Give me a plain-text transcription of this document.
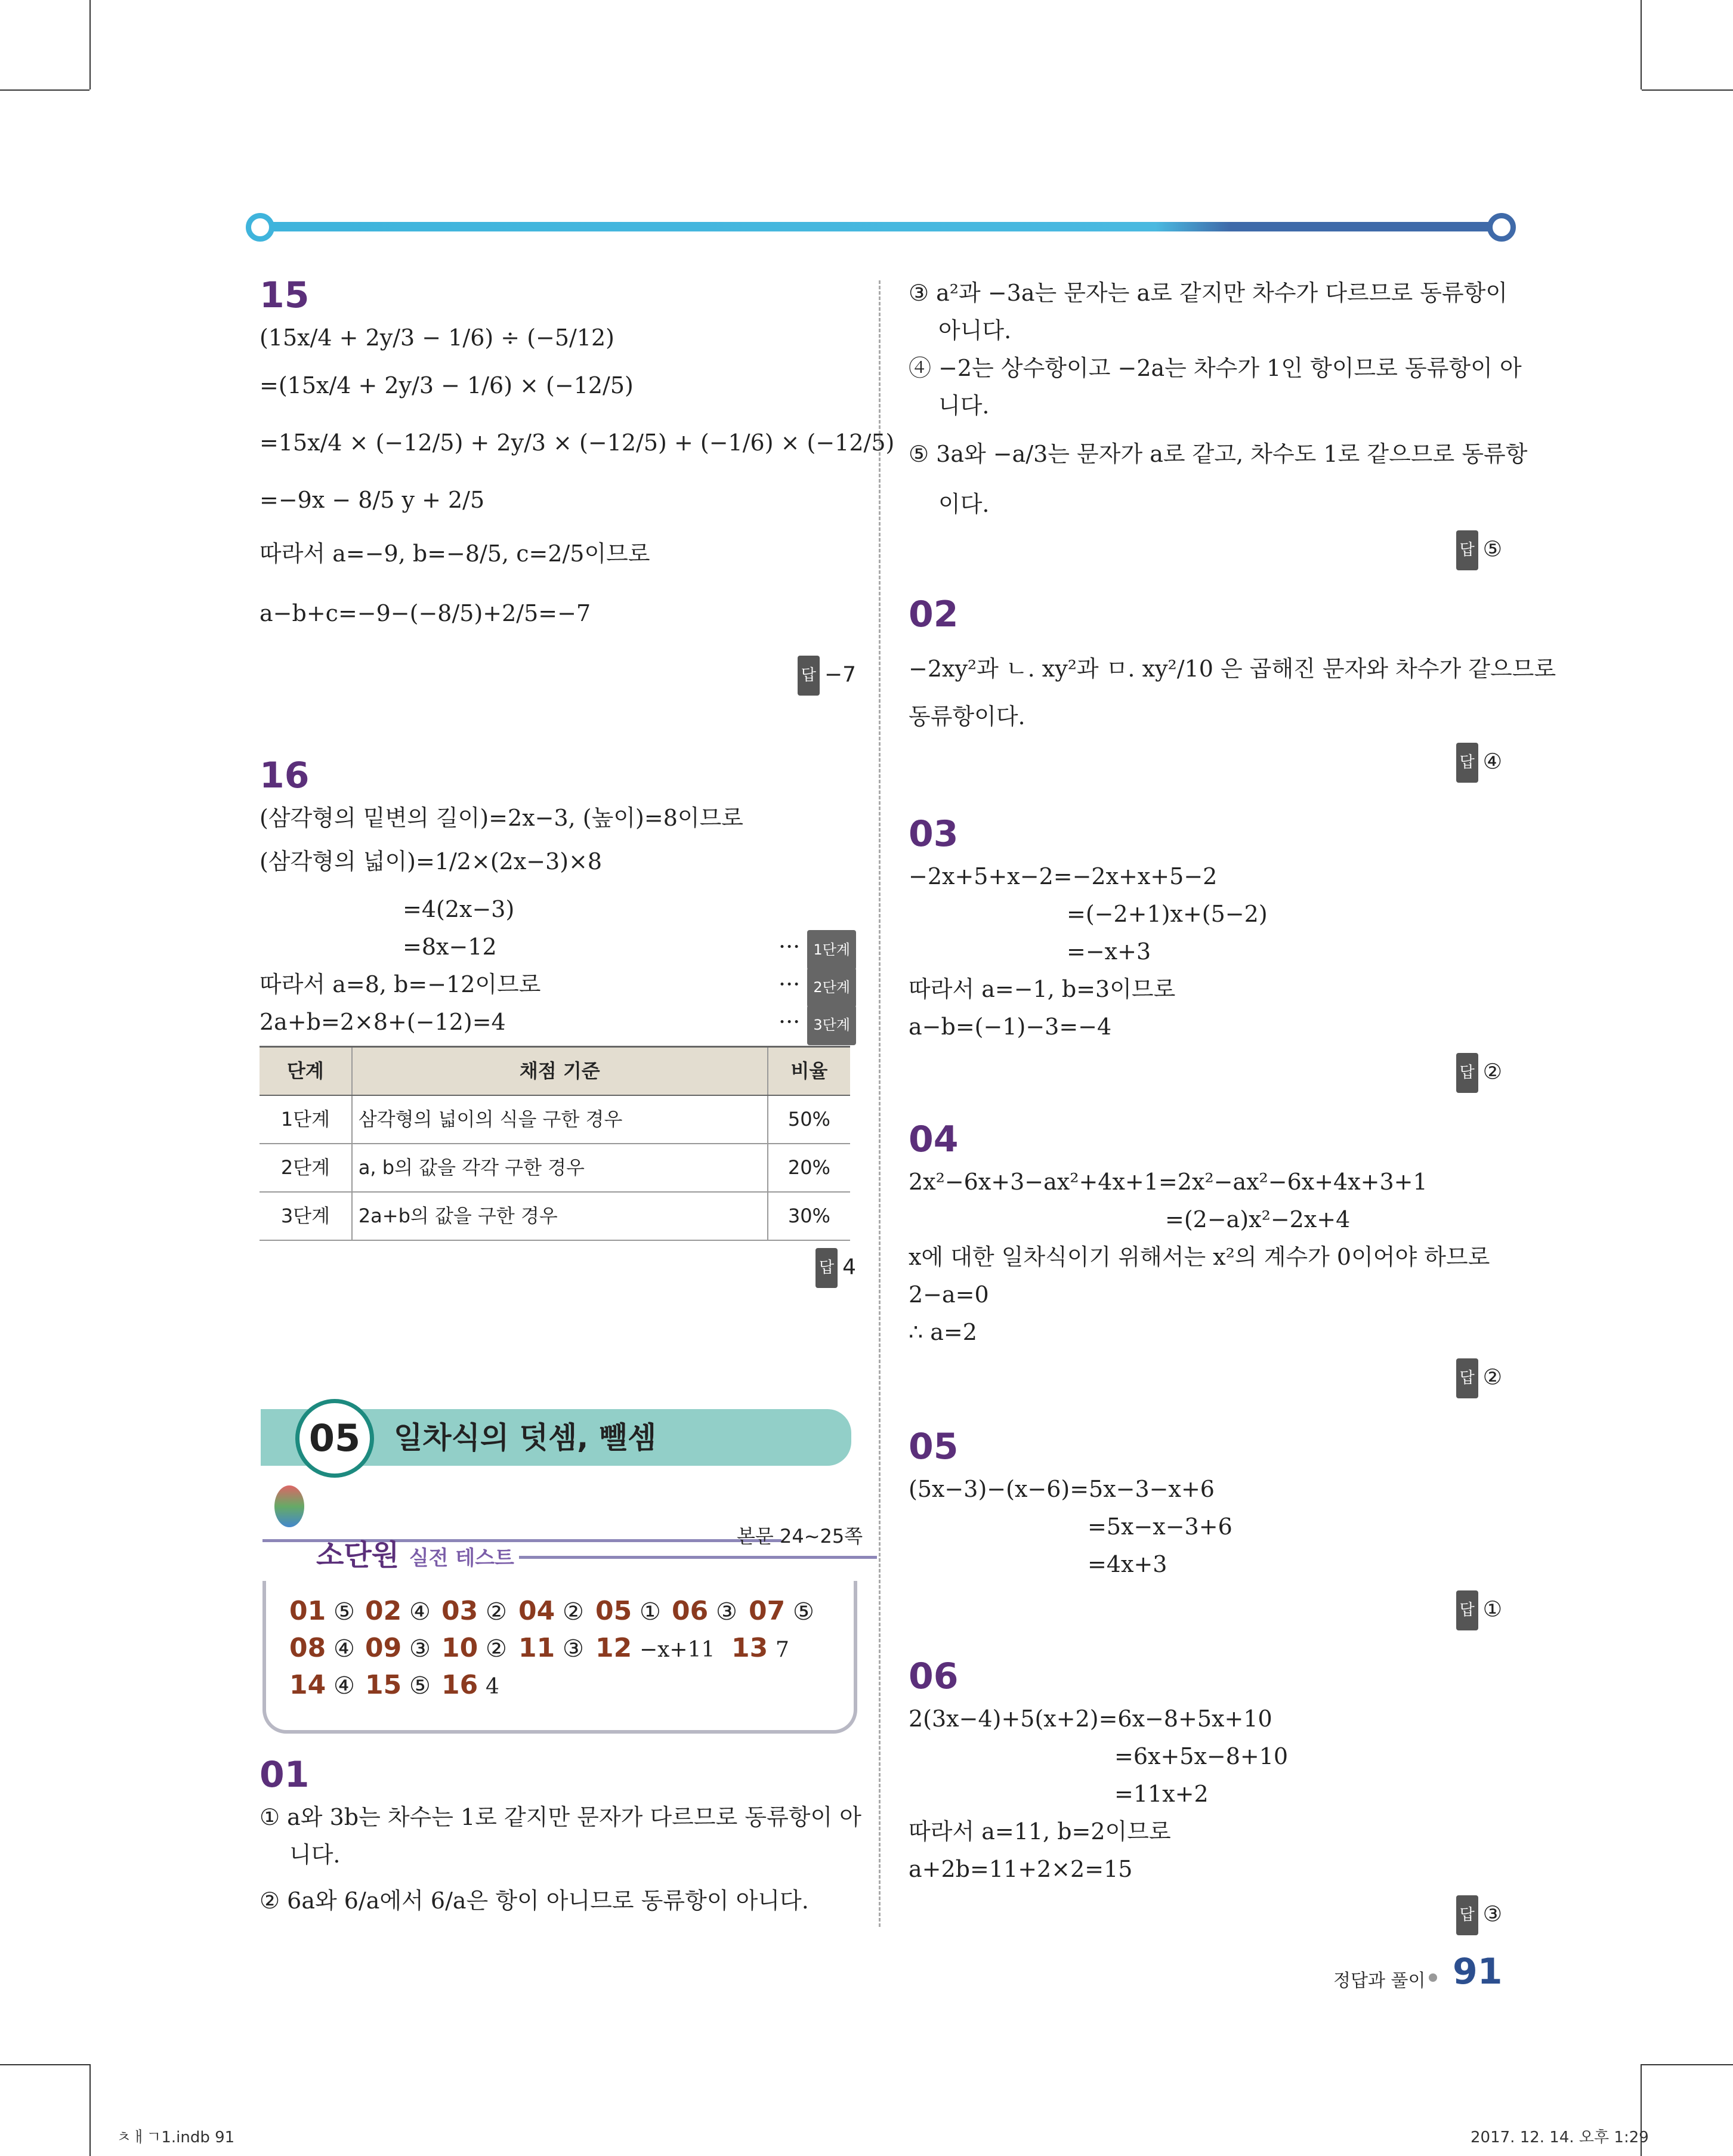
15
(15x/4 + 2y/3 − 1/6) ÷ (−5/12)
=(15x/4 + 2y/3 − 1/6) × (−12/5)
=15x/4 × (−12/5) + 2y/3 × (−12/5) + (−1/6) × (−12/5)
=−9x − 8/5 y + 2/5
따라서 a=−9, b=−8/5, c=2/5이므로
a−b+c=−9−(−8/5)+2/5=−7
답 −7
16
(삼각형의 밑변의 길이)=2x−3, (높이)=8이므로
(삼각형의 넓이)=1/2×(2x−3)×8
=4(2x−3)
=8x−12	··· 1단계
따라서 a=8, b=−12이므로	··· 2단계
2a+b=2×8+(−12)=4	··· 3단계
단계	채점 기준	비율
1단계	삼각형의 넓이의 식을 구한 경우	50%
2단계	a, b의 값을 각각 구한 경우	20%
3단계	2a+b의 값을 구한 경우	30%
답 4
05	일차식의 덧셈, 뺄셈
소단원 실전 테스트
본문 24~25쪽
01 ⑤ 02 ④ 03 ② 04 ② 05 ① 06 ③ 07 ⑤
08 ④ 09 ③ 10 ② 11 ③ 12 −x+11 13 7
14 ④ 15 ⑤ 16 4
01
① a와 3b는 차수는 1로 같지만 문자가 다르므로 동류항이 아
니다.
② 6a와 6/a에서 6/a은 항이 아니므로 동류항이 아니다.
③ a²과 −3a는 문자는 a로 같지만 차수가 다르므로 동류항이
아니다.
④ −2는 상수항이고 −2a는 차수가 1인 항이므로 동류항이 아
니다.
⑤ 3a와 −a/3는 문자가 a로 같고, 차수도 1로 같으므로 동류항
이다.
답 ⑤
02
−2xy²과 ㄴ. xy²과 ㅁ. xy²/10 은 곱해진 문자와 차수가 같으므로
동류항이다.
답 ④
03
−2x+5+x−2=−2x+x+5−2
=(−2+1)x+(5−2)
=−x+3
따라서 a=−1, b=3이므로
a−b=(−1)−3=−4
답 ②
04
2x²−6x+3−ax²+4x+1=2x²−ax²−6x+4x+3+1
=(2−a)x²−2x+4
x에 대한 일차식이기 위해서는 x²의 계수가 0이어야 하므로
2−a=0
∴ a=2
답 ②
05
(5x−3)−(x−6)=5x−3−x+6
=5x−x−3+6
=4x+3
답 ①
06
2(3x−4)+5(x+2)=6x−8+5x+10
=6x+5x−8+10
=11x+2
따라서 a=11, b=2이므로
a+2b=11+2×2=15
답 ③
정답과 풀이 91
ㅊㅐㄱ1.indb 91	2017. 12. 14. 오후 1:29
